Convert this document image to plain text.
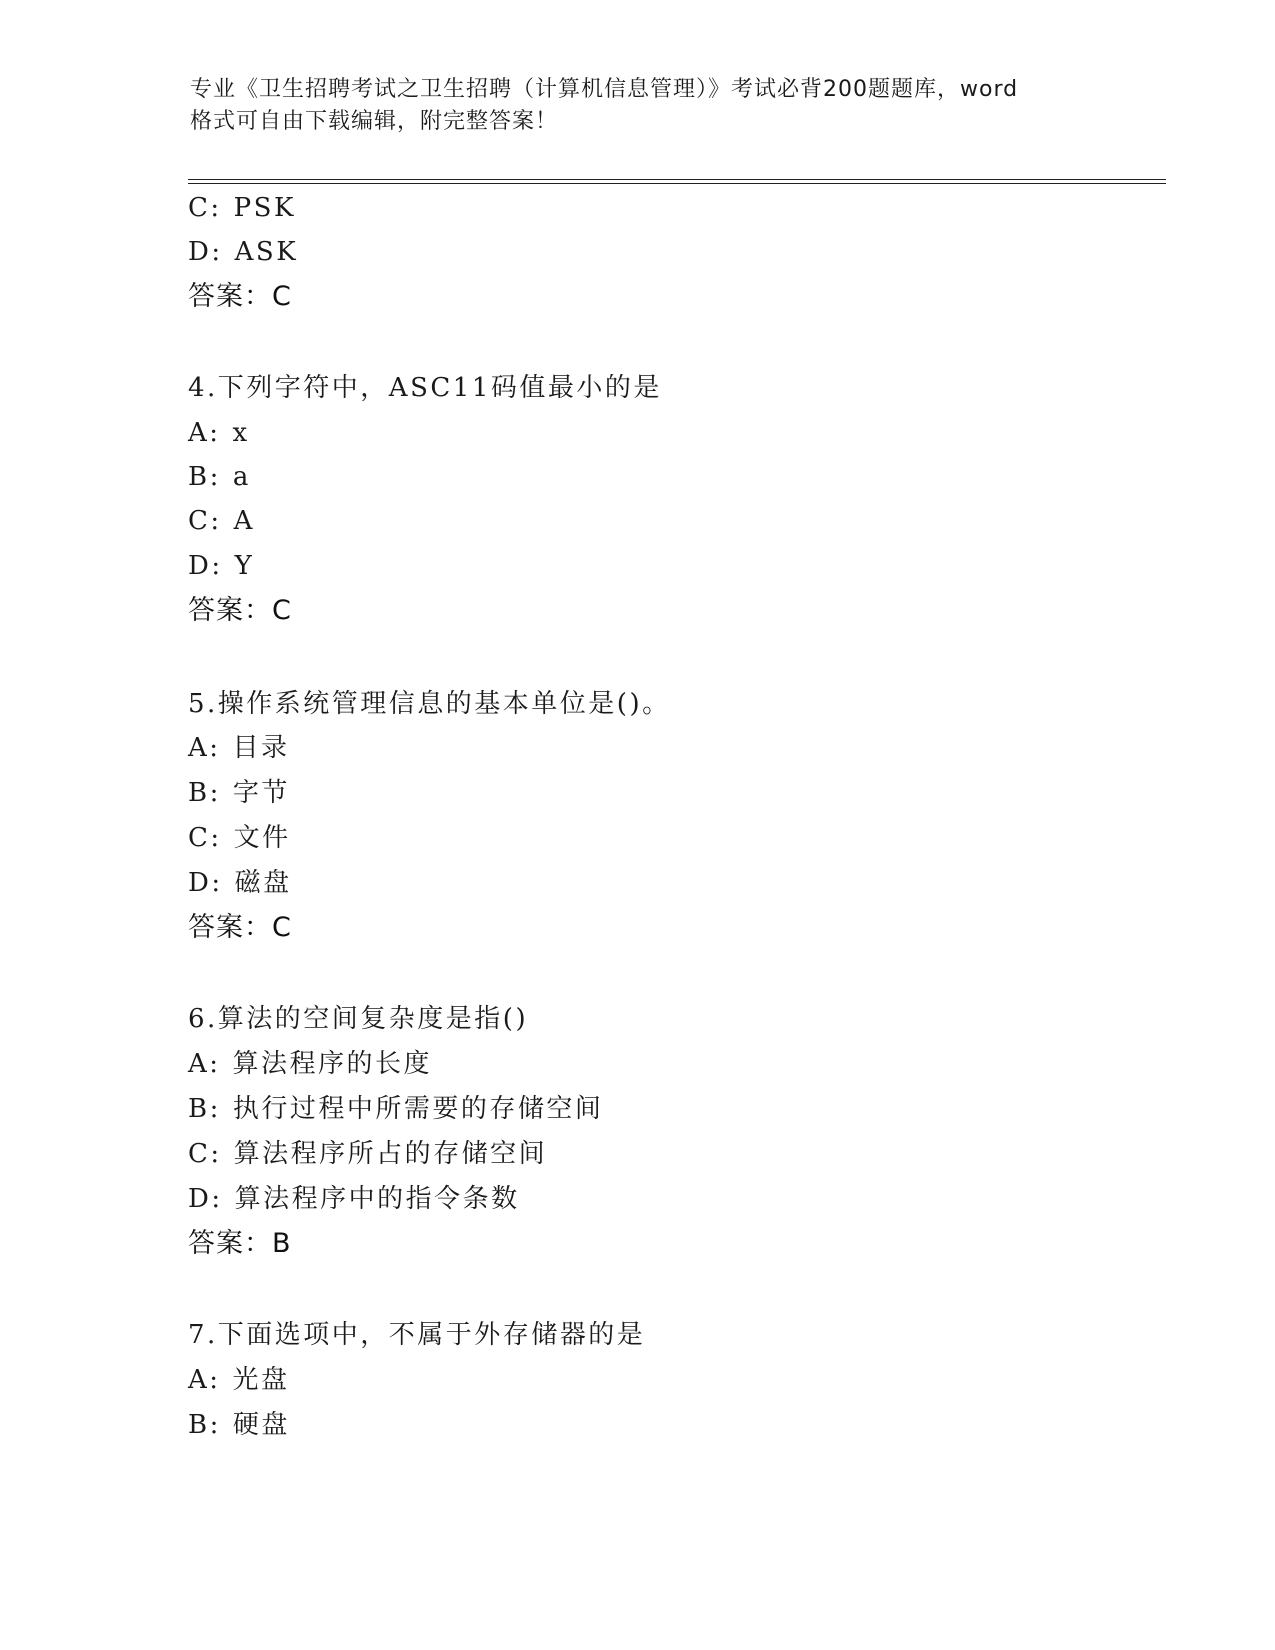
专业《卫生招聘考试之卫生招聘（计算机信息管理）》考试必背200题题库，word
格式可自由下载编辑，附完整答案！
C: PSK
D: ASK
答案：C
4.下列字符中，ASC11码值最小的是
A: x
B: a
C: A
D: Y
答案：C
5.操作系统管理信息的基本单位是()。
A: 目录
B: 字节
C: 文件
D: 磁盘
答案：C
6.算法的空间复杂度是指()
A: 算法程序的长度
B: 执行过程中所需要的存储空间
C: 算法程序所占的存储空间
D: 算法程序中的指令条数
答案：B
7.下面选项中，不属于外存储器的是
A: 光盘
B: 硬盘
